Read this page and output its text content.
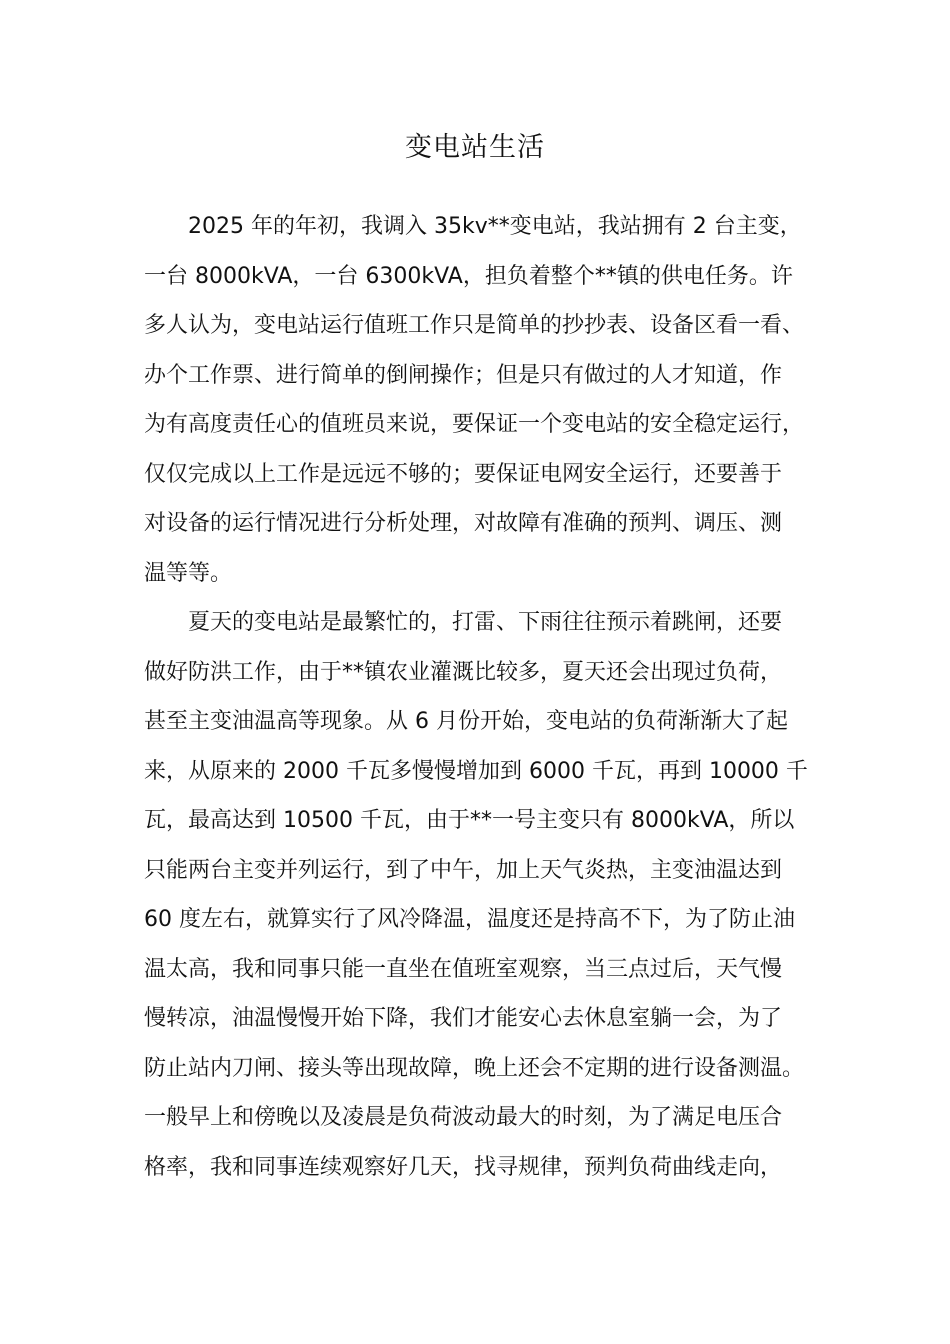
变电站生活
2025 年的年初，我调入 35kv**变电站，我站拥有 2 台主变，
一台 8000kVA，一台 6300kVA，担负着整个**镇的供电任务。许
多人认为，变电站运行值班工作只是简单的抄抄表、设备区看一看、
办个工作票、进行简单的倒闸操作；但是只有做过的人才知道，作
为有高度责任心的值班员来说，要保证一个变电站的安全稳定运行，
仅仅完成以上工作是远远不够的；要保证电网安全运行，还要善于
对设备的运行情况进行分析处理，对故障有准确的预判、调压、测
温等等。
夏天的变电站是最繁忙的，打雷、下雨往往预示着跳闸，还要
做好防洪工作，由于**镇农业灌溉比较多，夏天还会出现过负荷，
甚至主变油温高等现象。从 6 月份开始，变电站的负荷渐渐大了起
来，从原来的 2000 千瓦多慢慢增加到 6000 千瓦，再到 10000 千
瓦，最高达到 10500 千瓦，由于**一号主变只有 8000kVA，所以
只能两台主变并列运行，到了中午，加上天气炎热，主变油温达到
60 度左右，就算实行了风冷降温，温度还是持高不下，为了防止油
温太高，我和同事只能一直坐在值班室观察，当三点过后，天气慢
慢转凉，油温慢慢开始下降，我们才能安心去休息室躺一会，为了
防止站内刀闸、接头等出现故障，晚上还会不定期的进行设备测温。
一般早上和傍晚以及凌晨是负荷波动最大的时刻，为了满足电压合
格率，我和同事连续观察好几天，找寻规律，预判负荷曲线走向，
